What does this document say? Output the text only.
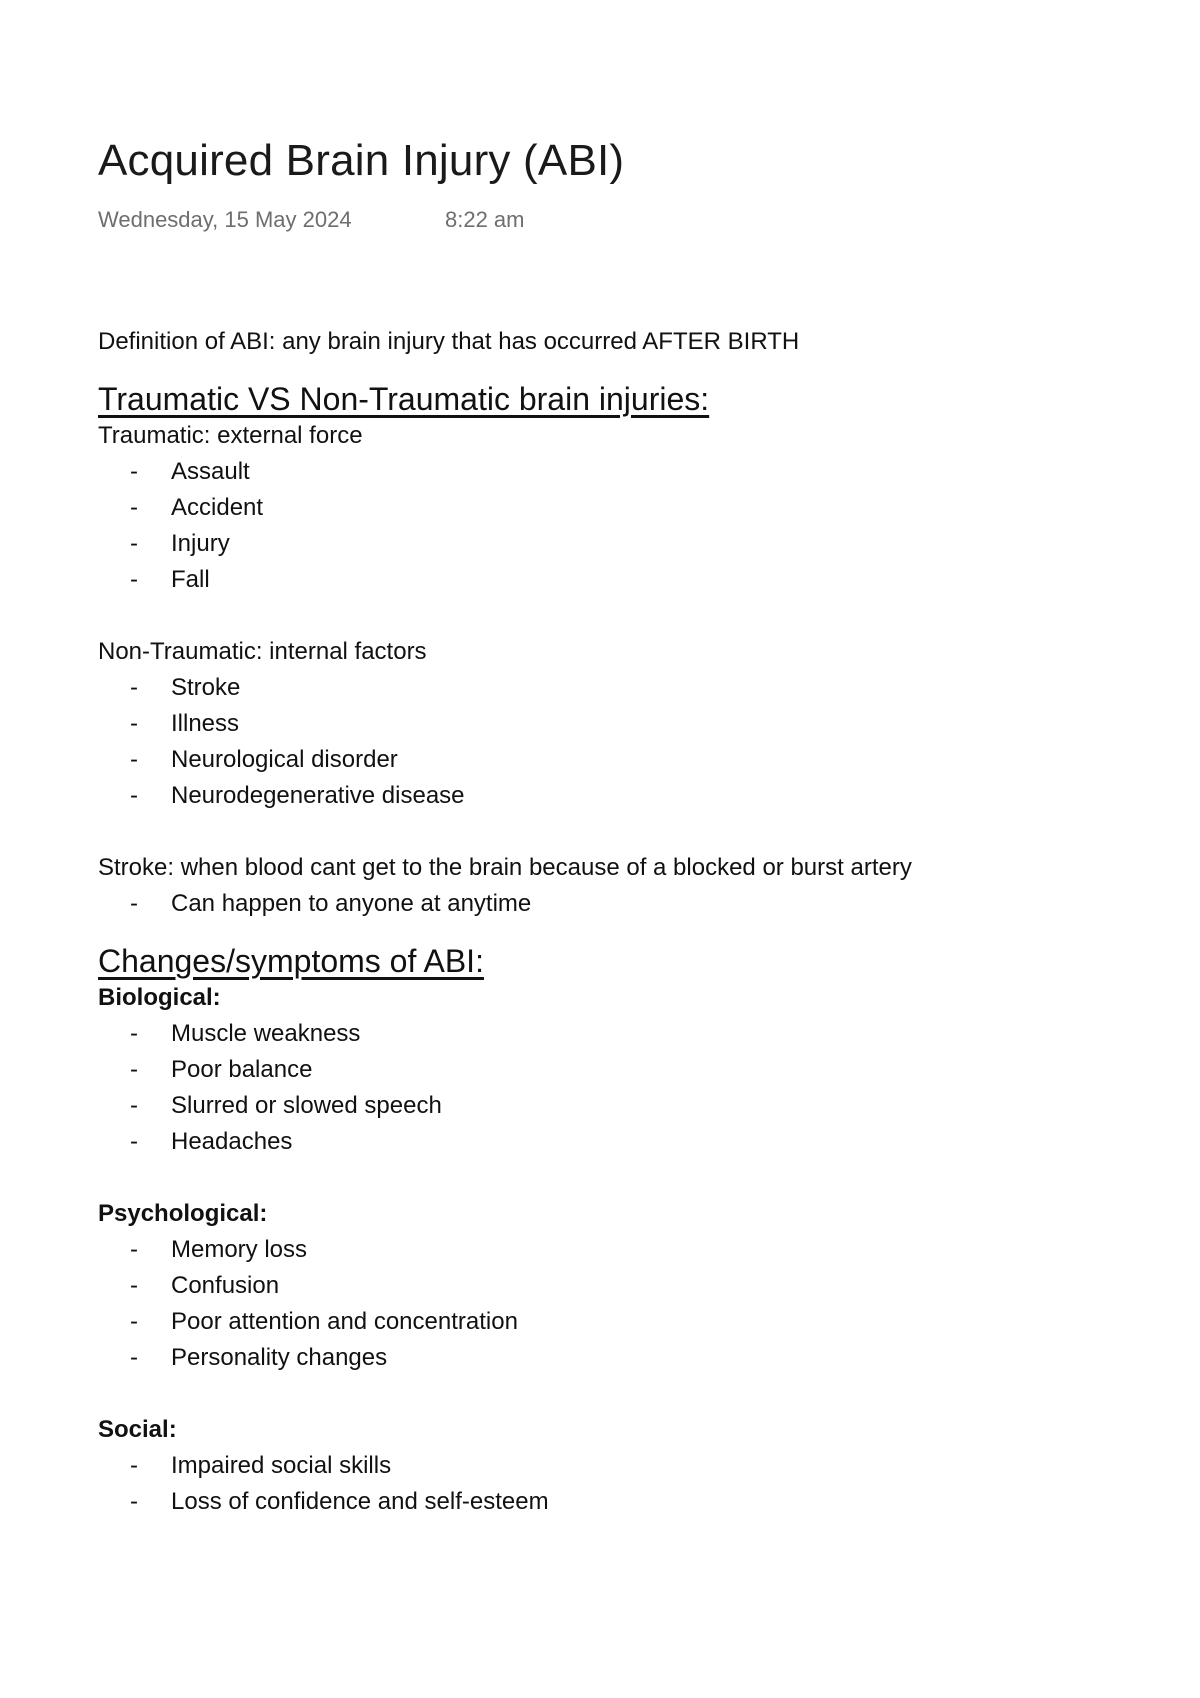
Acquired Brain Injury (ABI)
Wednesday, 15 May 2024	8:22 am
Definition of ABI: any brain injury that has occurred AFTER BIRTH
Traumatic VS Non-Traumatic brain injuries:
Traumatic: external force
- Assault
- Accident
- Injury
- Fall
Non-Traumatic: internal factors
- Stroke
- Illness
- Neurological disorder
- Neurodegenerative disease
Stroke: when blood cant get to the brain because of a blocked or burst artery
- Can happen to anyone at anytime
Changes/symptoms of ABI:
Biological:
- Muscle weakness
- Poor balance
- Slurred or slowed speech
- Headaches
Psychological:
- Memory loss
- Confusion
- Poor attention and concentration
- Personality changes
Social:
- Impaired social skills
- Loss of confidence and self-esteem
